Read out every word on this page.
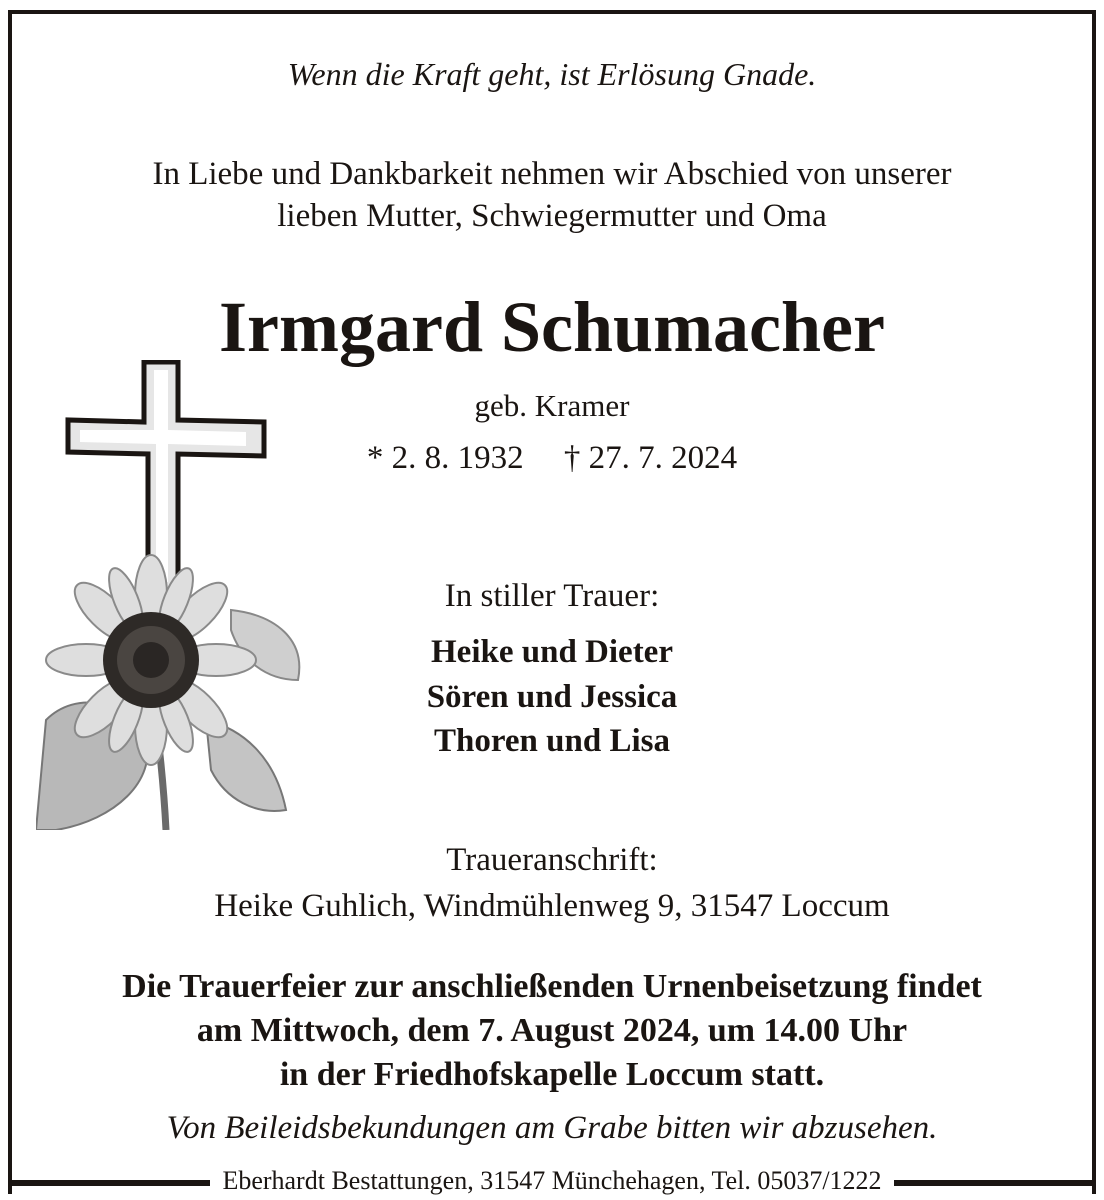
Wenn die Kraft geht, ist Erlösung Gnade.
In Liebe und Dankbarkeit nehmen wir Abschied von unserer
lieben Mutter, Schwiegermutter und Oma
Irmgard Schumacher
geb. Kramer
* 2. 8. 1932 † 27. 7. 2024
In stiller Trauer:
Heike und Dieter
Sören und Jessica
Thoren und Lisa
Traueranschrift:
Heike Guhlich, Windmühlenweg 9, 31547 Loccum
Die Trauerfeier zur anschließenden Urnenbeisetzung findet
am Mittwoch, dem 7. August 2024, um 14.00 Uhr
in der Friedhofskapelle Loccum statt.
Von Beileidsbekundungen am Grabe bitten wir abzusehen.
Eberhardt Bestattungen, 31547 Münchehagen, Tel. 05037/1222
